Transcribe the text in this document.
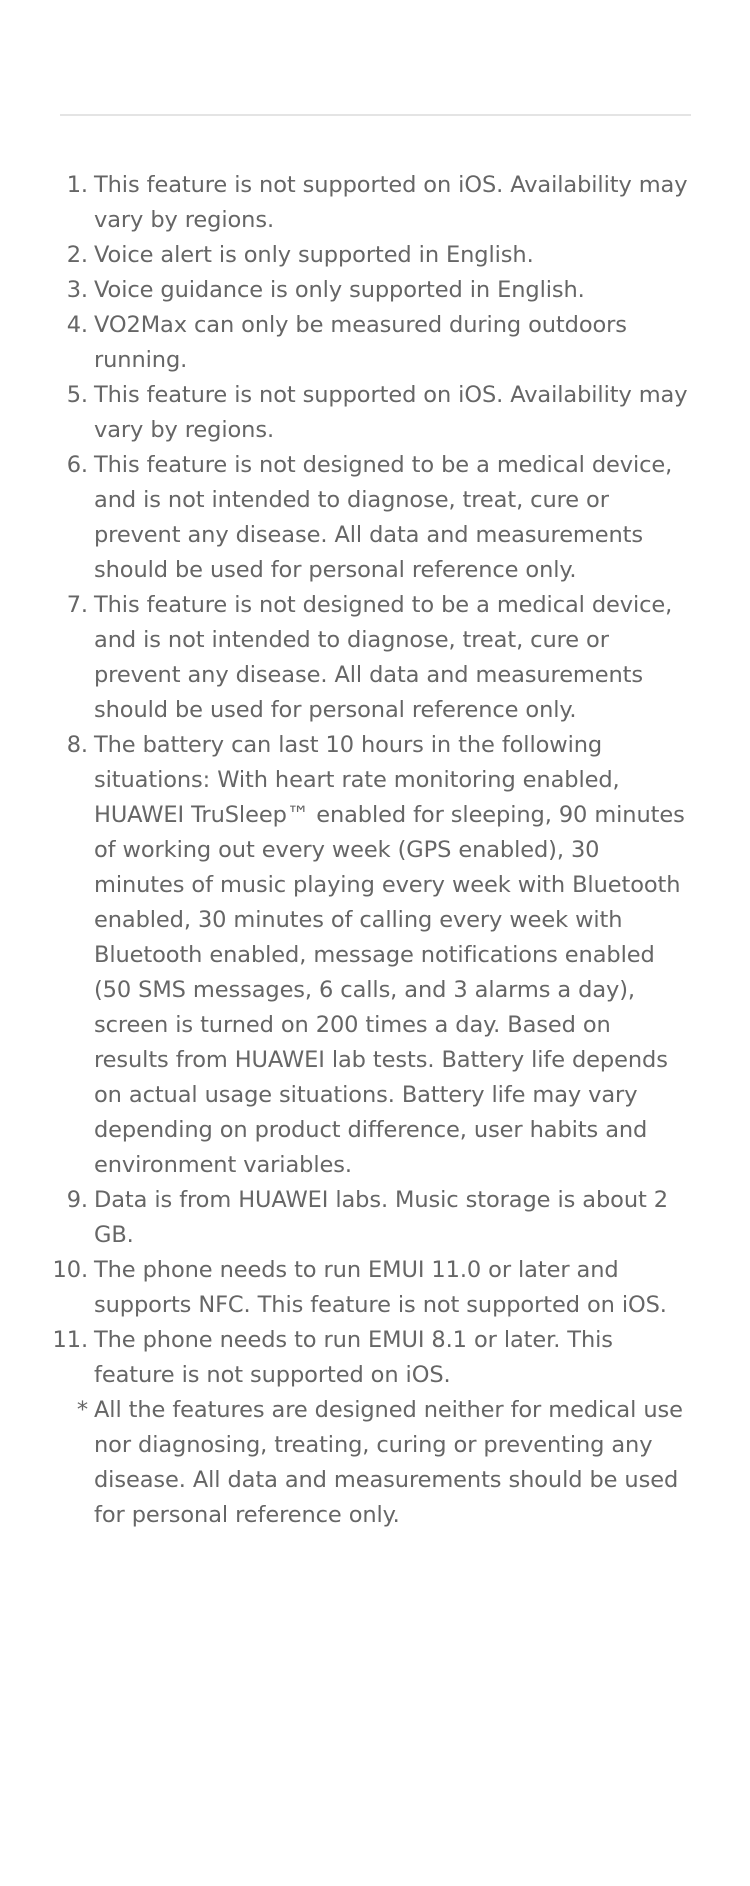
1. This feature is not supported on iOS. Availability may vary by regions.
2. Voice alert is only supported in English.
3. Voice guidance is only supported in English.
4. VO2Max can only be measured during outdoors running.
5. This feature is not supported on iOS. Availability may vary by regions.
6. This feature is not designed to be a medical device, and is not intended to diagnose, treat, cure or prevent any disease. All data and measurements should be used for personal reference only.
7. This feature is not designed to be a medical device, and is not intended to diagnose, treat, cure or prevent any disease. All data and measurements should be used for personal reference only.
8. The battery can last 10 hours in the following situations: With heart rate monitoring enabled, HUAWEI TruSleep™ enabled for sleeping, 90 minutes of working out every week (GPS enabled), 30 minutes of music playing every week with Bluetooth enabled, 30 minutes of calling every week with Bluetooth enabled, message notifications enabled (50 SMS messages, 6 calls, and 3 alarms a day), screen is turned on 200 times a day. Based on results from HUAWEI lab tests. Battery life depends on actual usage situations. Battery life may vary depending on product difference, user habits and environment variables.
9. Data is from HUAWEI labs. Music storage is about 2 GB.
10. The phone needs to run EMUI 11.0 or later and supports NFC. This feature is not supported on iOS.
11. The phone needs to run EMUI 8.1 or later. This feature is not supported on iOS.
* All the features are designed neither for medical use nor diagnosing, treating, curing or preventing any disease. All data and measurements should be used for personal reference only.
